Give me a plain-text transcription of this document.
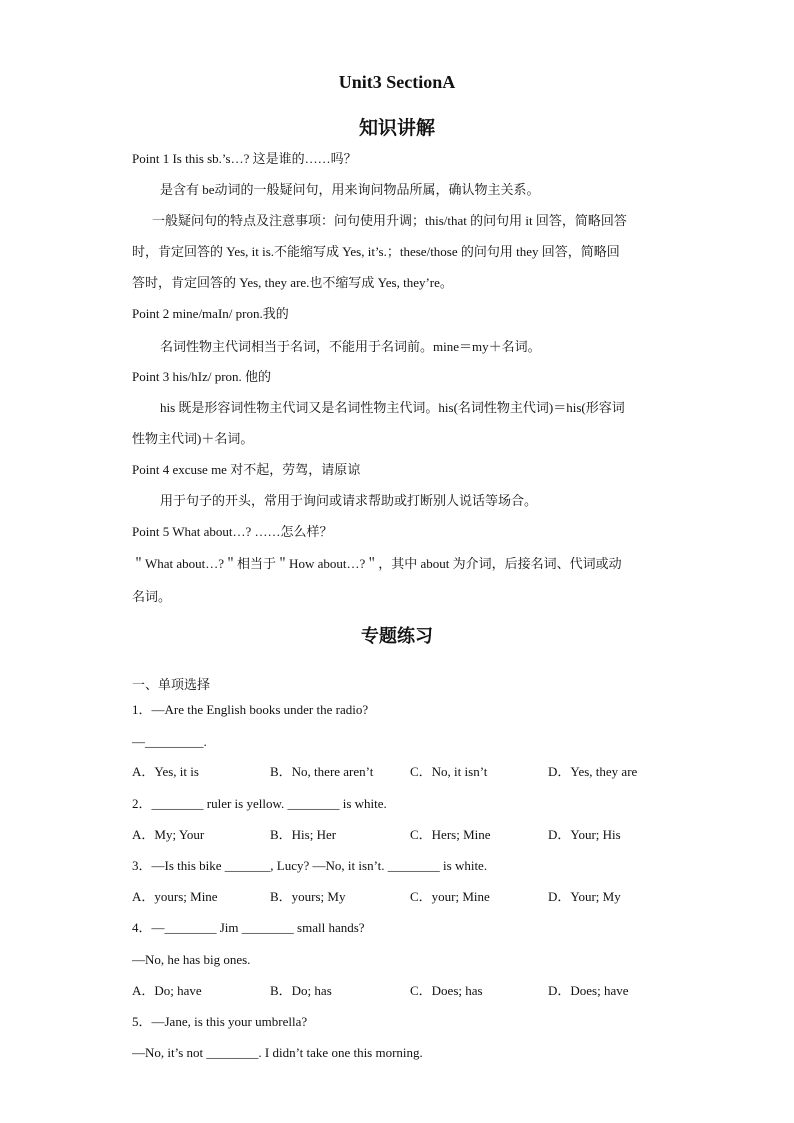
Unit3 SectionA
知识讲解
Point 1 Is this sb.’s…? 这是谁的……吗？
是含有 be动词的一般疑问句，用来询问物品所属，确认物主关系。
一般疑问句的特点及注意事项：问句使用升调；this/that 的问句用 it 回答，简略回答
时，肯定回答的 Yes, it is.不能缩写成 Yes, it’s.；these/those 的问句用 they 回答，简略回
答时，肯定回答的 Yes, they are.也不缩写成 Yes, they’re。
Point 2 mine/maIn/ pron.我的
名词性物主代词相当于名词，不能用于名词前。mine＝my＋名词。
Point 3 his/hIz/ pron. 他的
his 既是形容词性物主代词又是名词性物主代词。his(名词性物主代词)＝his(形容词
性物主代词)＋名词。
Point 4 excuse me 对不起，劳驾，请原谅
用于句子的开头，常用于询问或请求帮助或打断别人说话等场合。
Point 5 What about…? ……怎么样？
＂What about…?＂相当于＂How about…?＂，其中 about 为介词，后接名词、代词或动
名词。
专题练习
一、单项选择
1．—Are the English books under the radio?
—_________.
A．Yes, it is	B．No, there aren’t	C．No, it isn’t	D．Yes, they are
2．________ ruler is yellow. ________ is white.
A．My; Your	B．His; Her	C．Hers; Mine	D．Your; His
3．—Is this bike _______, Lucy? —No, it isn’t. ________ is white.
A．yours; Mine	B．yours; My	C．your; Mine	D．Your; My
4．—________ Jim ________ small hands?
—No, he has big ones.
A．Do; have	B．Do; has	C．Does; has	D．Does; have
5．—Jane, is this your umbrella?
—No, it’s not ________. I didn’t take one this morning.
